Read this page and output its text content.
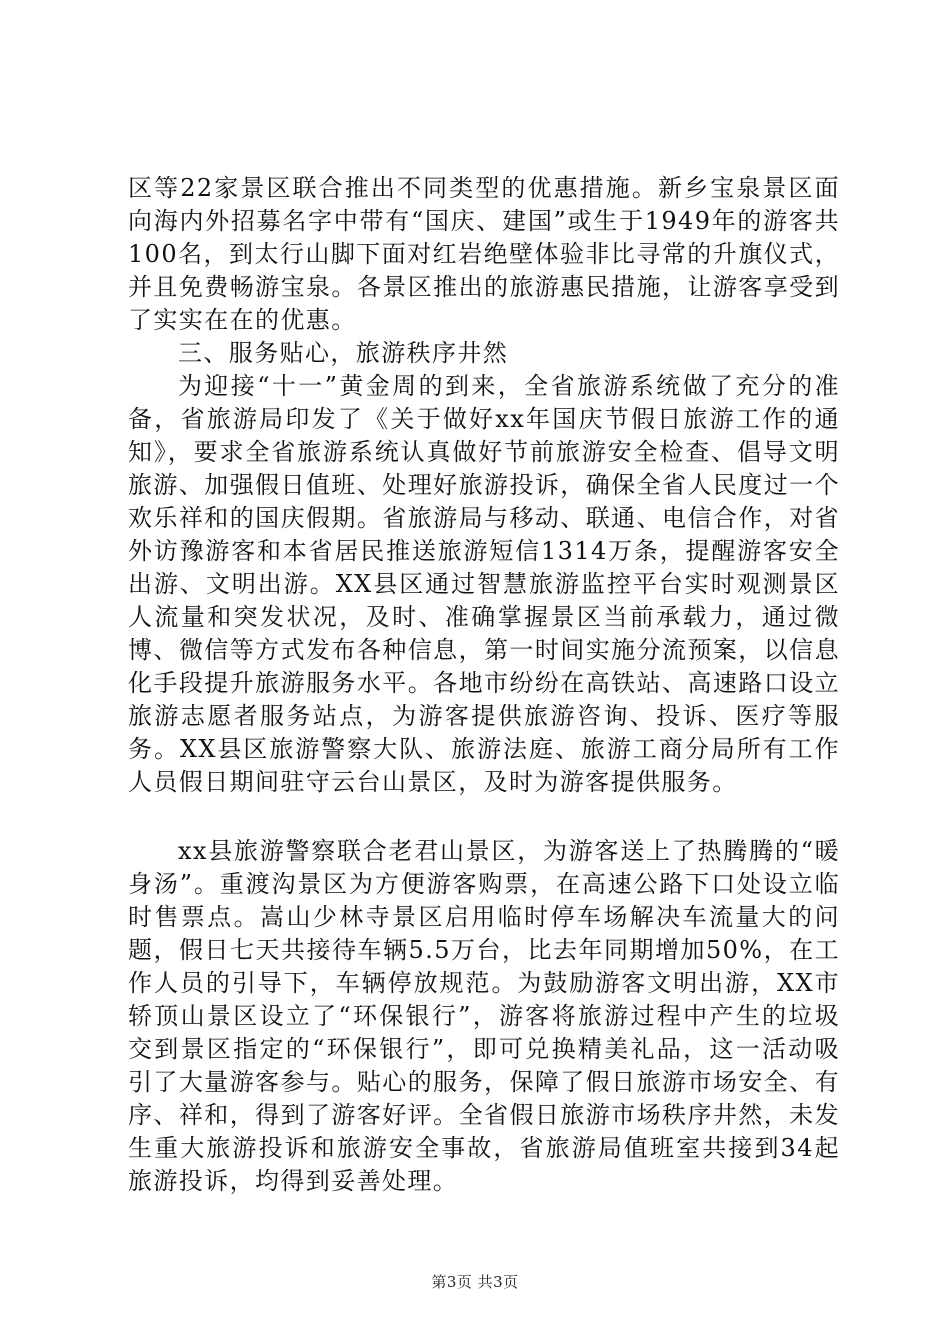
区等22家景区联合推出不同类型的优惠措施。新乡宝泉景区面向海内外招募名字中带有“国庆、建国”或生于1949年的游客共100名，到太行山脚下面对红岩绝壁体验非比寻常的升旗仪式，并且免费畅游宝泉。各景区推出的旅游惠民措施，让游客享受到了实实在在的优惠。

三、服务贴心，旅游秩序井然

为迎接“十一”黄金周的到来，全省旅游系统做了充分的准备，省旅游局印发了《关于做好xx年国庆节假日旅游工作的通知》，要求全省旅游系统认真做好节前旅游安全检查、倡导文明旅游、加强假日值班、处理好旅游投诉，确保全省人民度过一个欢乐祥和的国庆假期。省旅游局与移动、联通、电信合作，对省外访豫游客和本省居民推送旅游短信1314万条，提醒游客安全出游、文明出游。XX县区通过智慧旅游监控平台实时观测景区人流量和突发状况，及时、准确掌握景区当前承载力，通过微博、微信等方式发布各种信息，第一时间实施分流预案，以信息化手段提升旅游服务水平。各地市纷纷在高铁站、高速路口设立旅游志愿者服务站点，为游客提供旅游咨询、投诉、医疗等服务。XX县区旅游警察大队、旅游法庭、旅游工商分局所有工作人员假日期间驻守云台山景区，及时为游客提供服务。

xx县旅游警察联合老君山景区，为游客送上了热腾腾的“暖身汤”。重渡沟景区为方便游客购票，在高速公路下口处设立临时售票点。嵩山少林寺景区启用临时停车场解决车流量大的问题，假日七天共接待车辆5.5万台，比去年同期增加50%，在工作人员的引导下，车辆停放规范。为鼓励游客文明出游，XX市轿顶山景区设立了“环保银行”，游客将旅游过程中产生的垃圾交到景区指定的“环保银行”，即可兑换精美礼品，这一活动吸引了大量游客参与。贴心的服务，保障了假日旅游市场安全、有序、祥和，得到了游客好评。全省假日旅游市场秩序井然，未发生重大旅游投诉和旅游安全事故，省旅游局值班室共接到34起旅游投诉，均得到妥善处理。

第3页 共3页
